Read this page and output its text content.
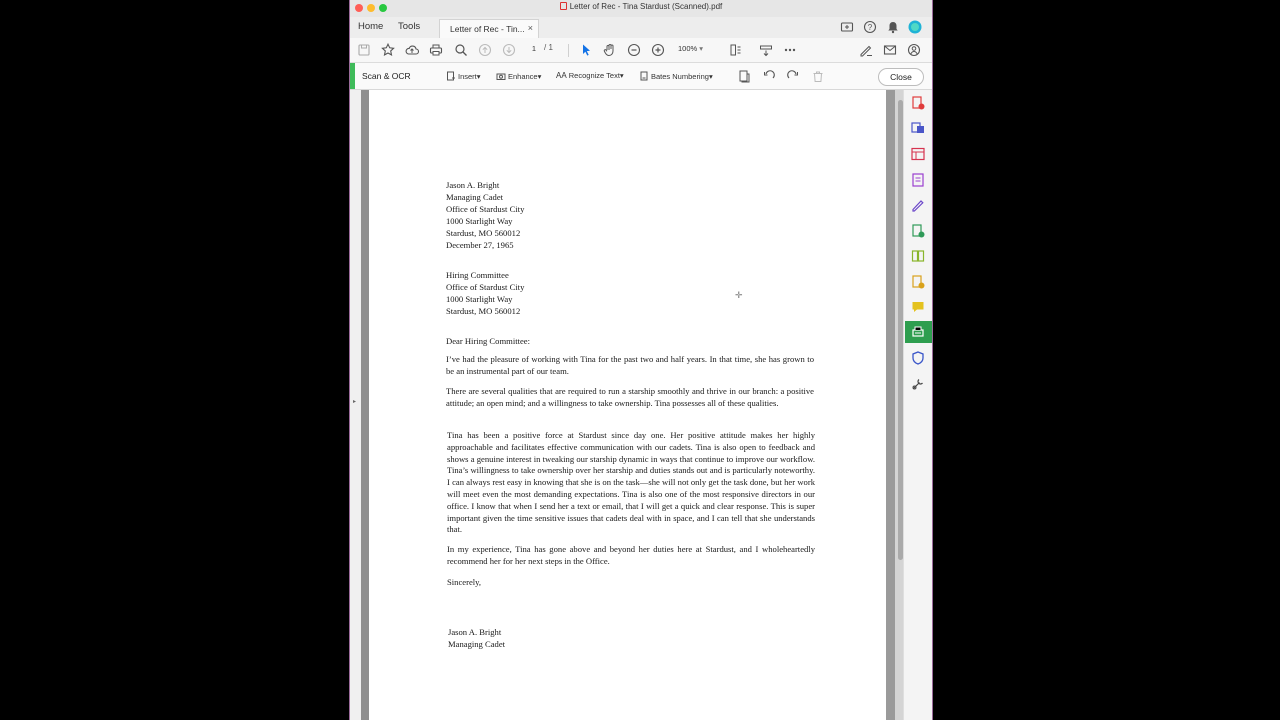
Letter of Rec - Tina Stardust (Scanned).pdf
Home Tools	Letter of Rec - Tin... ×	?
1 / 1	100% ▾
Scan & OCR	Insert▾	Enhance▾ AA Recognize Text▾	Bates Numbering▾	Close
▸
Jason A. Bright
Managing Cadet
Office of Stardust City
1000 Starlight Way
Stardust, MO 560012
December 27, 1965
Hiring Committee
Office of Stardust City
1000 Starlight Way
Stardust, MO 560012
Dear Hiring Committee:
I’ve had the pleasure of working with Tina for the past two and half years. In that time, she has grown to be an instrumental part of our team.
There are several qualities that are required to run a starship smoothly and thrive in our branch: a positive attitude; an open mind; and a willingness to take ownership. Tina possesses all of these qualities.
Tina has been a positive force at Stardust since day one. Her positive attitude makes her highly approachable and facilitates effective communication with our cadets. Tina is also open to feedback and shows a genuine interest in tweaking our starship dynamic in ways that continue to improve our workflow. Tina’s willingness to take ownership over her starship and duties stands out and is particularly noteworthy. I can always rest easy in knowing that she is on the task—she will not only get the task done, but her work will meet even the most demanding expectations. Tina is also one of the most responsive directors in our office. I know that when I send her a text or email, that I will get a quick and clear response. This is super important given the time sensitive issues that cadets deal with in space, and I can tell that she understands that.
In my experience, Tina has gone above and beyond her duties here at Stardust, and I wholeheartedly recommend her for her next steps in the Office.
Sincerely,
Jason A. Bright
Managing Cadet
✛
